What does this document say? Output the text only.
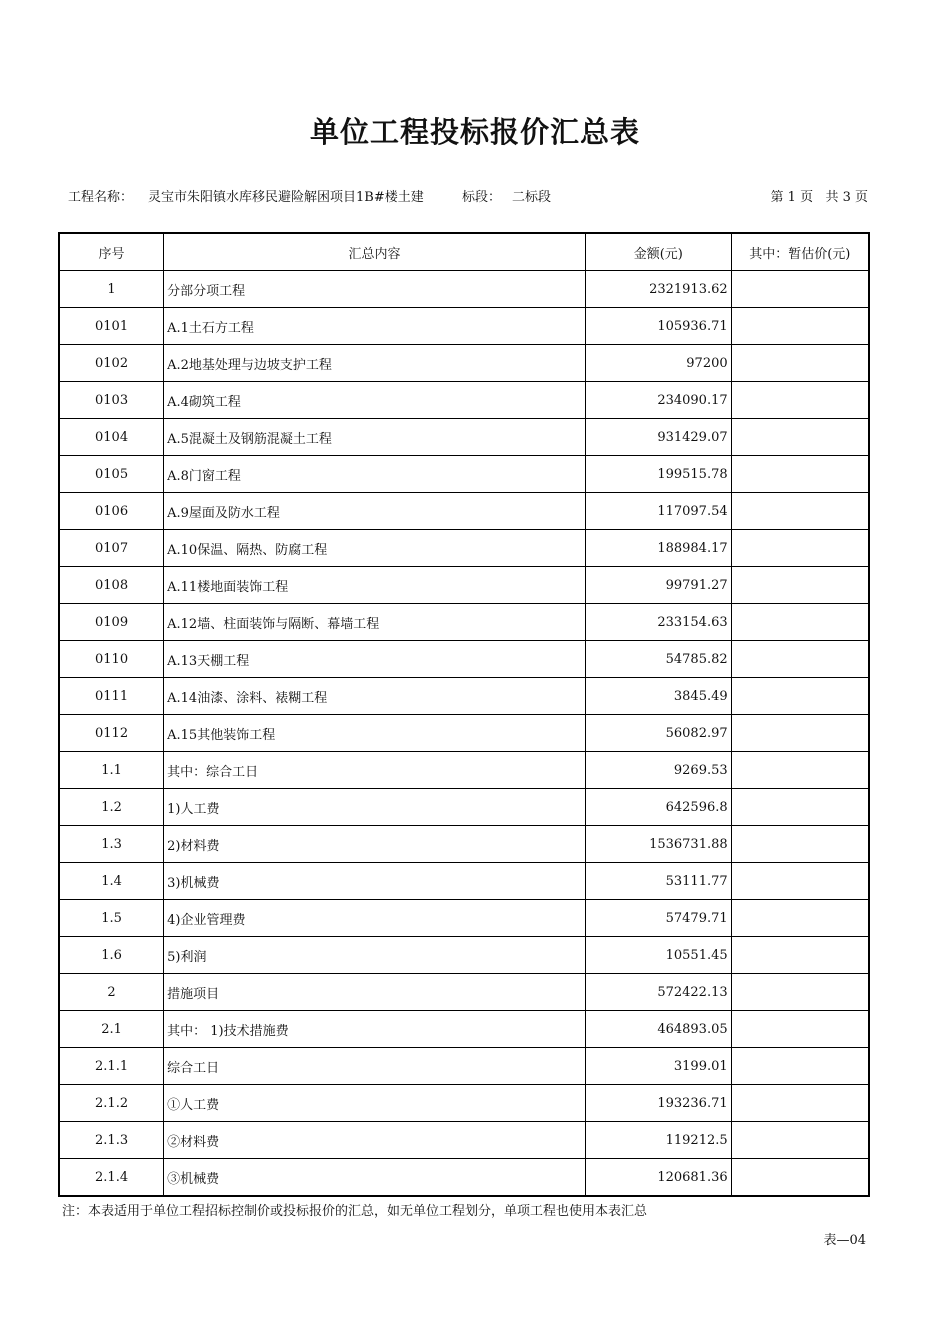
单位工程投标报价汇总表
工程名称： 灵宝市朱阳镇水库移民避险解困项目1B#楼土建	标段： 二标段	第 1 页   共 3 页
序号	汇总内容	金额(元)	其中：暂估价(元)
1	分部分项工程	2321913.62	
0101	A.1土石方工程	105936.71	
0102	A.2地基处理与边坡支护工程	97200	
0103	A.4砌筑工程	234090.17	
0104	A.5混凝土及钢筋混凝土工程	931429.07	
0105	A.8门窗工程	199515.78	
0106	A.9屋面及防水工程	117097.54	
0107	A.10保温、隔热、防腐工程	188984.17	
0108	A.11楼地面装饰工程	99791.27	
0109	A.12墙、柱面装饰与隔断、幕墙工程	233154.63	
0110	A.13天棚工程	54785.82	
0111	A.14油漆、涂料、裱糊工程	3845.49	
0112	A.15其他装饰工程	56082.97	
1.1	其中：综合工日	9269.53	
1.2	1)人工费	642596.8	
1.3	2)材料费	1536731.88	
1.4	3)机械费	53111.77	
1.5	4)企业管理费	57479.71	
1.6	5)利润	10551.45	
2	措施项目	572422.13	
2.1	其中： 1)技术措施费	464893.05	
2.1.1	综合工日	3199.01	
2.1.2	①人工费	193236.71	
2.1.3	②材料费	119212.5	
2.1.4	③机械费	120681.36	
注：本表适用于单位工程招标控制价或投标报价的汇总，如无单位工程划分，单项工程也使用本表汇总
表—04
